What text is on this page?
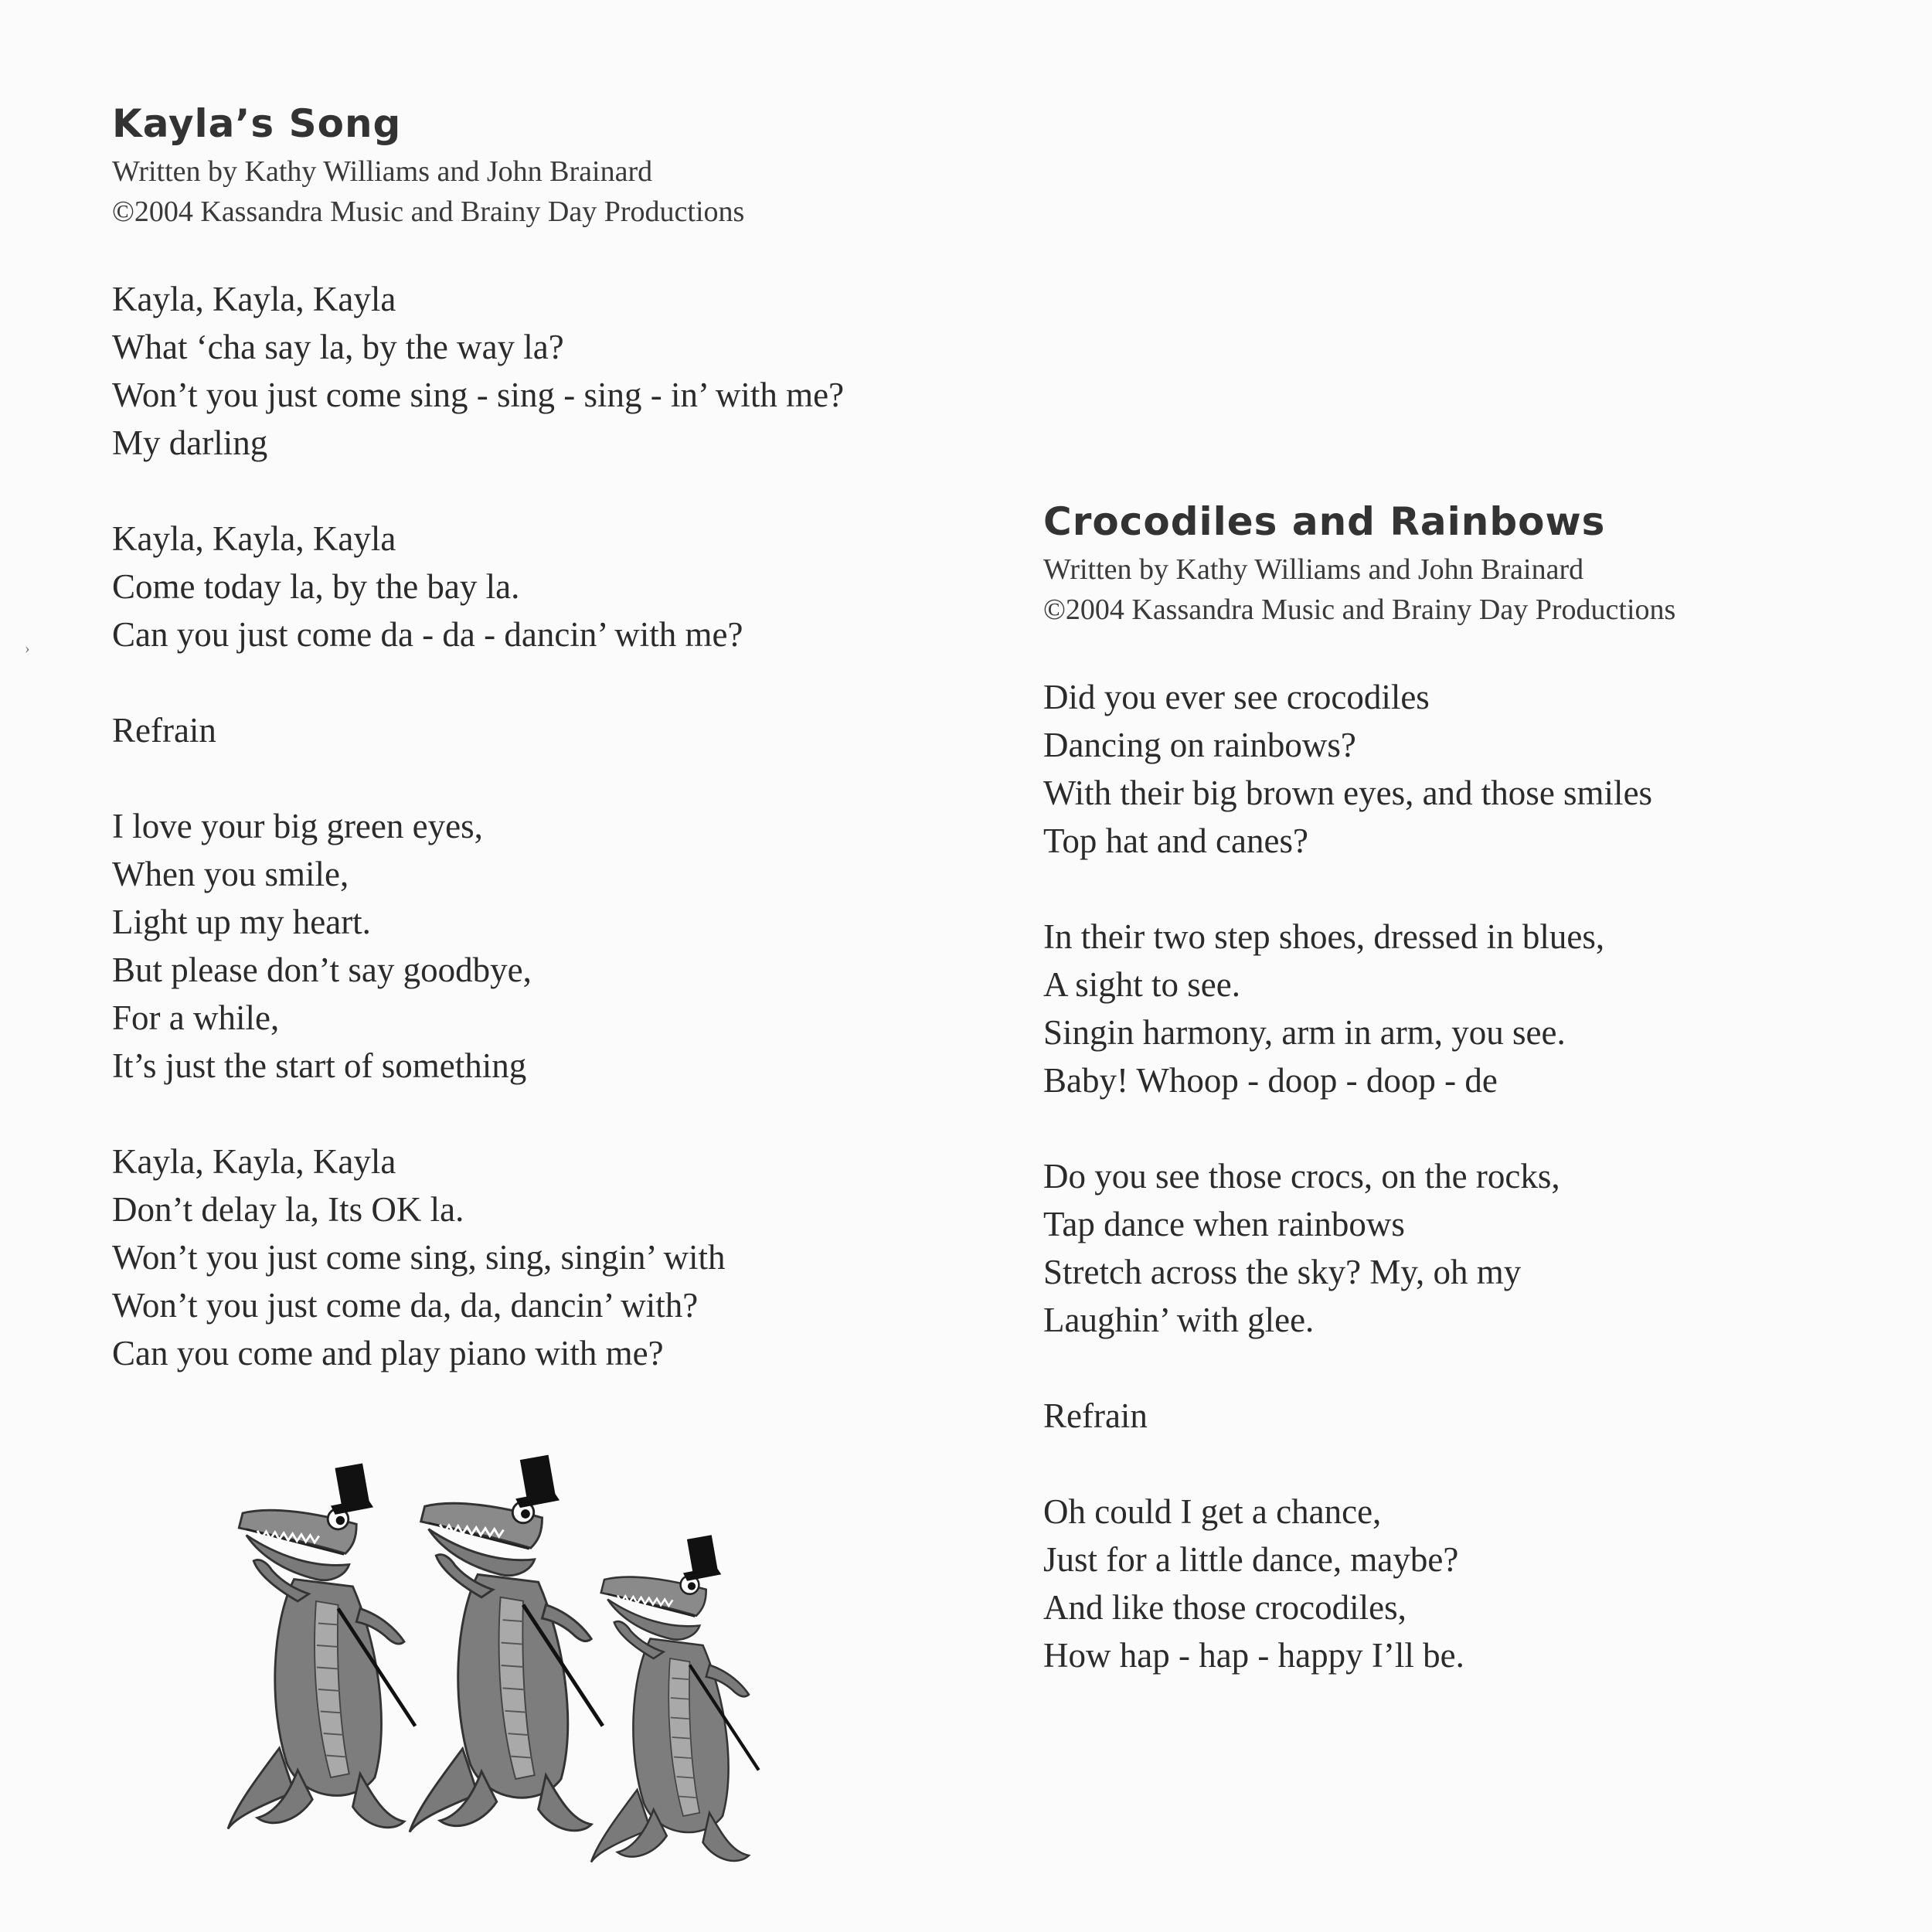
›
Kayla’s Song
Written by Kathy Williams and John Brainard
©2004 Kassandra Music and Brainy Day Productions
Kayla, Kayla, Kayla
What ‘cha say la, by the way la?
Won’t you just come sing - sing - sing - in’ with me?
My darling
Kayla, Kayla, Kayla
Come today la, by the bay la.
Can you just come da - da - dancin’ with me?
Refrain
I love your big green eyes,
When you smile,
Light up my heart.
But please don’t say goodbye,
For a while,
It’s just the start of something
Kayla, Kayla, Kayla
Don’t delay la, Its OK la.
Won’t you just come sing, sing, singin’ with
Won’t you just come da, da, dancin’ with?
Can you come and play piano with me?
Crocodiles and Rainbows
Written by Kathy Williams and John Brainard
©2004 Kassandra Music and Brainy Day Productions
Did you ever see crocodiles
Dancing on rainbows?
With their big brown eyes, and those smiles
Top hat and canes?
In their two step shoes, dressed in blues,
A sight to see.
Singin harmony, arm in arm, you see.
Baby! Whoop - doop - doop - de
Do you see those crocs, on the rocks,
Tap dance when rainbows
Stretch across the sky? My, oh my
Laughin’ with glee.
Refrain
Oh could I get a chance,
Just for a little dance, maybe?
And like those crocodiles,
How hap - hap - happy I’ll be.
